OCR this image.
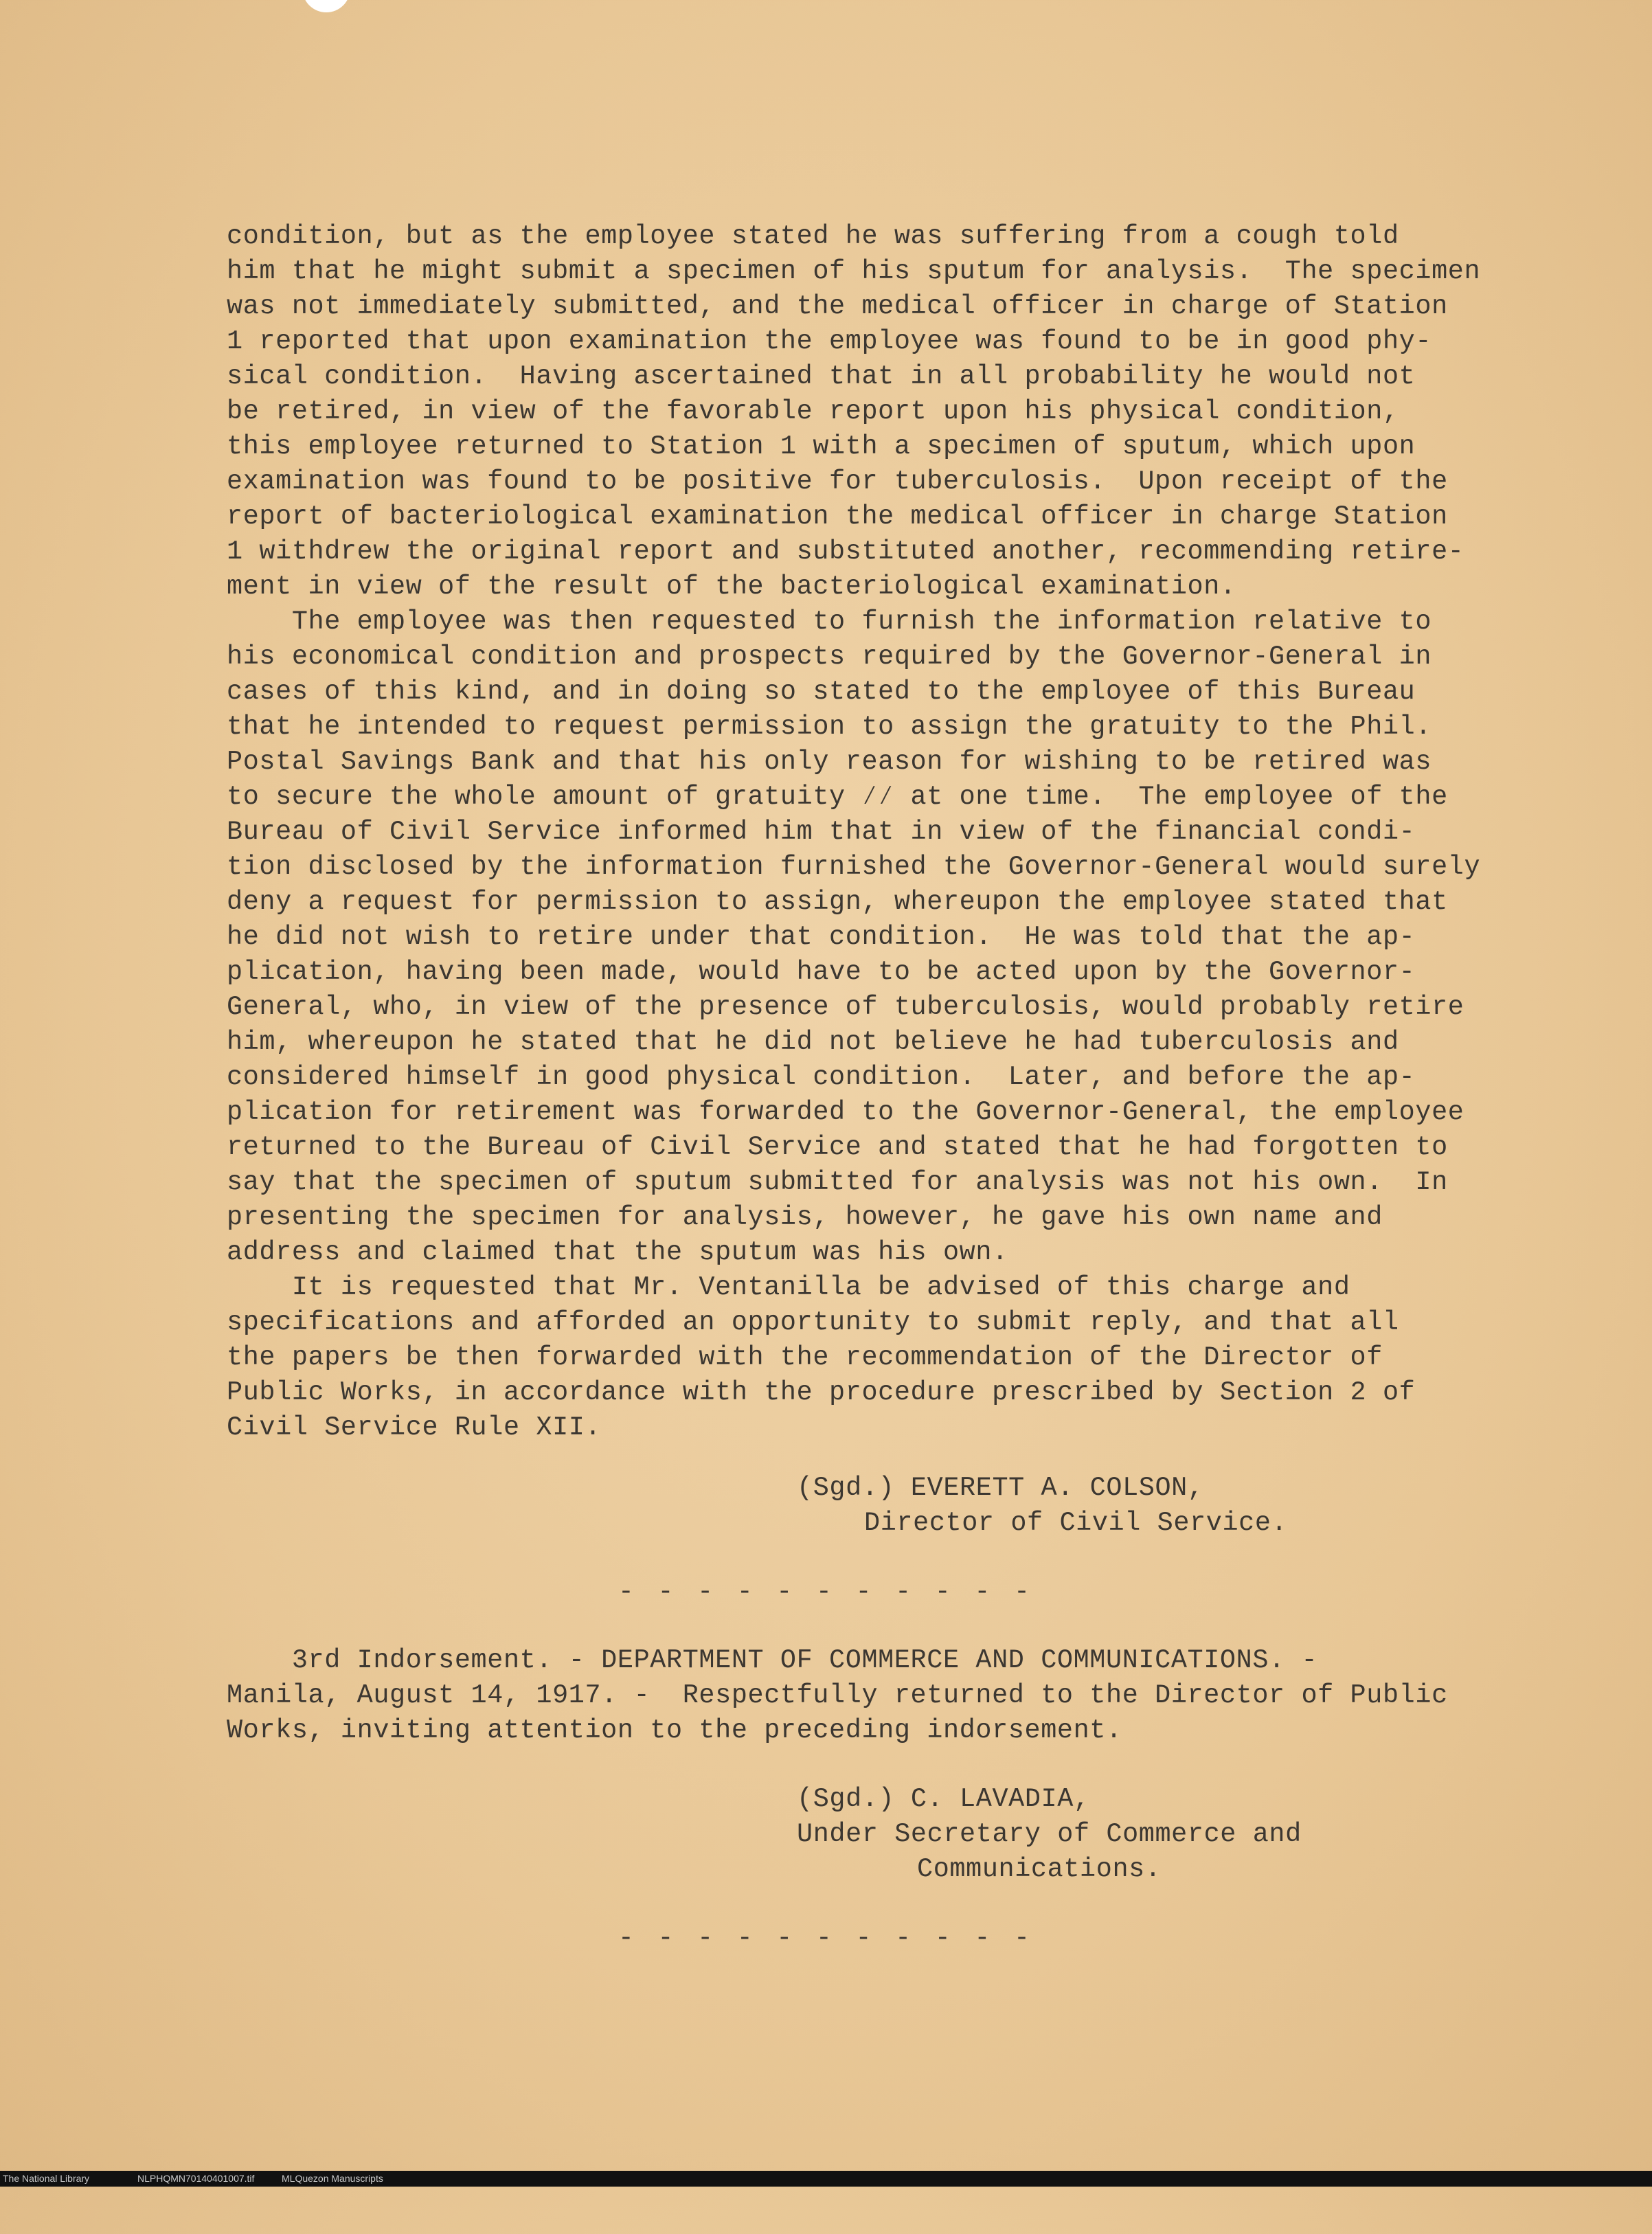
condition, but as the employee stated he was suffering from a cough told
him that he might submit a specimen of his sputum for analysis.  The specimen
was not immediately submitted, and the medical officer in charge of Station
1 reported that upon examination the employee was found to be in good phy-
sical condition.  Having ascertained that in all probability he would not
be retired, in view of the favorable report upon his physical condition,
this employee returned to Station 1 with a specimen of sputum, which upon
examination was found to be positive for tuberculosis.  Upon receipt of the
report of bacteriological examination the medical officer in charge Station
1 withdrew the original report and substituted another, recommending retire-
ment in view of the result of the bacteriological examination.
The employee was then requested to furnish the information relative to
his economical condition and prospects required by the Governor-General in
cases of this kind, and in doing so stated to the employee of this Bureau
that he intended to request permission to assign the gratuity to the Phil.
Postal Savings Bank and that his only reason for wishing to be retired was
to secure the whole amount of gratuity ⁄⁄ at one time.  The employee of the
Bureau of Civil Service informed him that in view of the financial condi-
tion disclosed by the information furnished the Governor-General would surely
deny a request for permission to assign, whereupon the employee stated that
he did not wish to retire under that condition.  He was told that the ap-
plication, having been made, would have to be acted upon by the Governor-
General, who, in view of the presence of tuberculosis, would probably retire
him, whereupon he stated that he did not believe he had tuberculosis and
considered himself in good physical condition.  Later, and before the ap-
plication for retirement was forwarded to the Governor-General, the employee
returned to the Bureau of Civil Service and stated that he had forgotten to
say that the specimen of sputum submitted for analysis was not his own.  In
presenting the specimen for analysis, however, he gave his own name and
address and claimed that the sputum was his own.
It is requested that Mr. Ventanilla be advised of this charge and
specifications and afforded an opportunity to submit reply, and that all
the papers be then forwarded with the recommendation of the Director of
Public Works, in accordance with the procedure prescribed by Section 2 of
Civil Service Rule XII.
(Sgd.) EVERETT A. COLSON,
Director of Civil Service.
- - - - - - - - - - -
3rd Indorsement. - DEPARTMENT OF COMMERCE AND COMMUNICATIONS. -
Manila, August 14, 1917. -  Respectfully returned to the Director of Public
Works, inviting attention to the preceding indorsement.
(Sgd.) C. LAVADIA,
Under Secretary of Commerce and
Communications.
- - - - - - - - - - -

The National Library

	NLPHQMN70140401007.tif

	MLQuezon Manuscripts
